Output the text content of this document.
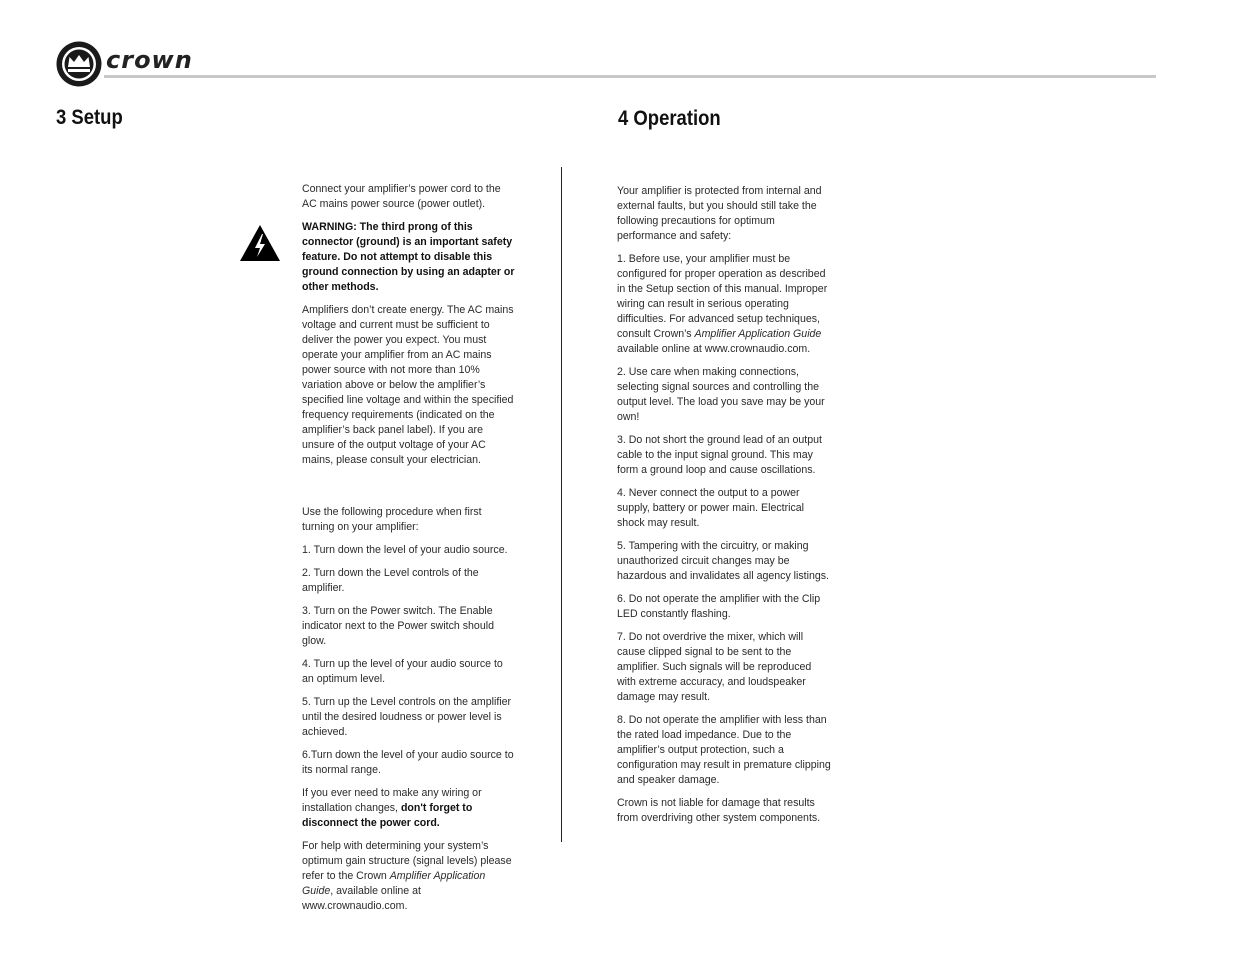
crown
3 Setup	4 Operation

Connect your amplifier’s power cord to the AC mains power source (power outlet).

WARNING: The third prong of this connector (ground) is an important safety feature. Do not attempt to disable this ground connection by using an adapter or other methods.

Amplifiers don’t create energy. The AC mains voltage and current must be sufficient to deliver the power you expect. You must operate your amplifier from an AC mains power source with not more than 10% variation above or below the amplifier’s specified line voltage and within the specified frequency requirements (indicated on the amplifier’s back panel label). If you are unsure of the output voltage of your AC mains, please consult your electrician.

Use the following procedure when first turning on your amplifier:

1. Turn down the level of your audio source.

2. Turn down the Level controls of the amplifier.

3. Turn on the Power switch. The Enable indicator next to the Power switch should glow.

4. Turn up the level of your audio source to an optimum level.

5. Turn up the Level controls on the amplifier until the desired loudness or power level is achieved.

6.Turn down the level of your audio source to its normal range.

If you ever need to make any wiring or installation changes, don't forget to disconnect the power cord.

For help with determining your system’s optimum gain structure (signal levels) please refer to the Crown Amplifier Application Guide, available online at www.crownaudio.com.

Your amplifier is protected from internal and external faults, but you should still take the following precautions for optimum performance and safety:

1. Before use, your amplifier must be configured for proper operation as described in the Setup section of this manual. Improper wiring can result in serious operating difficulties. For advanced setup techniques, consult Crown’s Amplifier Application Guide available online at www.crownaudio.com.

2. Use care when making connections, selecting signal sources and controlling the output level. The load you save may be your own!

3. Do not short the ground lead of an output cable to the input signal ground. This may form a ground loop and cause oscillations.

4. Never connect the output to a power supply, battery or power main. Electrical shock may result.

5. Tampering with the circuitry, or making unauthorized circuit changes may be hazardous and invalidates all agency listings.

6. Do not operate the amplifier with the Clip LED constantly flashing.

7. Do not overdrive the mixer, which will cause clipped signal to be sent to the amplifier. Such signals will be reproduced with extreme accuracy, and loudspeaker damage may result.

8. Do not operate the amplifier with less than the rated load impedance. Due to the amplifier’s output protection, such a configuration may result in premature clipping and speaker damage.

Crown is not liable for damage that results from overdriving other system components.
